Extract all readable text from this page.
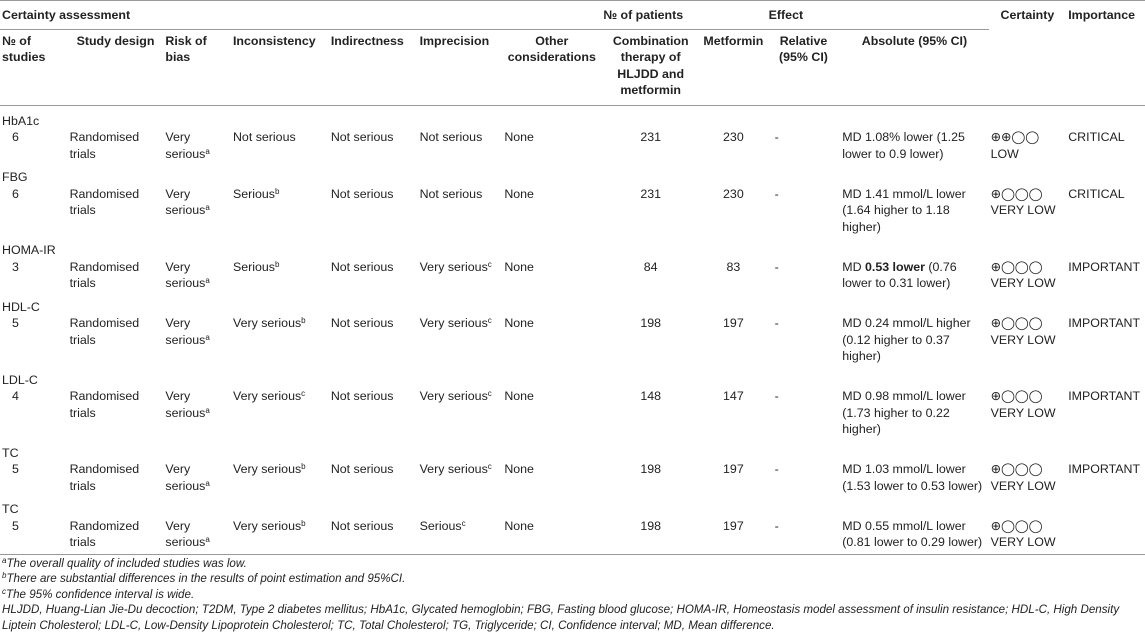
Certainty assessment							№ of patients		Effect		Certainty	Importance
№ of studies	Study design	Risk of bias	Inconsistency	Indirectness	Imprecision	Other considerations	Combination therapy of HLJDD and metformin	Metformin	Relative (95% CI)	Absolute (95% CI)		
HbA1c												
6	Randomised trials	Very serious$^a$	Not serious	Not serious	Not serious	None	231	230	-	MD 1.08% lower (1.25 lower to 0.9 lower)	⊕⊕◯◯ LOW	CRITICAL
FBG												
6	Randomised trials	Very serious$^a$	Serious$^b$	Not serious	Not serious	None	231	230	-	MD 1.41 mmol/L lower (1.64 higher to 1.18 higher)	⊕◯◯◯ VERY LOW	CRITICAL
HOMA-IR												
3	Randomised trials	Very serious$^a$	Serious$^b$	Not serious	Very serious$^c$	None	84	83	-	MD 0.53 lower (0.76 lower to 0.31 lower)	⊕◯◯◯ VERY LOW	IMPORTANT
HDL-C												
5	Randomised trials	Very serious$^a$	Very serious$^b$	Not serious	Very serious$^c$	None	198	197	-	MD 0.24 mmol/L higher (0.12 higher to 0.37 higher)	⊕◯◯◯ VERY LOW	IMPORTANT
LDL-C												
4	Randomised trials	Very serious$^a$	Very serious$^c$	Not serious	Very serious$^c$	None	148	147	-	MD 0.98 mmol/L lower (1.73 higher to 0.22 higher)	⊕◯◯◯ VERY LOW	IMPORTANT
TC												
5	Randomised trials	Very serious$^a$	Very serious$^b$	Not serious	Very serious$^c$	None	198	197	-	MD 1.03 mmol/L lower (1.53 lower to 0.53 lower)	⊕◯◯◯ VERY LOW	IMPORTANT
TC												
5	Randomized trials	Very serious$^a$	Very serious$^b$	Not serious	Serious$^c$	None	198	197	-	MD 0.55 mmol/L lower (0.81 lower to 0.29 lower)	⊕◯◯◯ VERY LOW	
$^a$The overall quality of included studies was low.
$^b$There are substantial differences in the results of point estimation and 95%CI.
$^c$The 95% confidence interval is wide.
HLJDD, Huang-Lian Jie-Du decoction; T2DM, Type 2 diabetes mellitus; HbA1c, Glycated hemoglobin; FBG, Fasting blood glucose; HOMA-IR, Homeostasis model assessment of insulin resistance; HDL-C, High Density Liptein Cholesterol; LDL-C, Low-Density Lipoprotein Cholesterol; TC, Total Cholesterol; TG, Triglyceride; CI, Confidence interval; MD, Mean difference.
